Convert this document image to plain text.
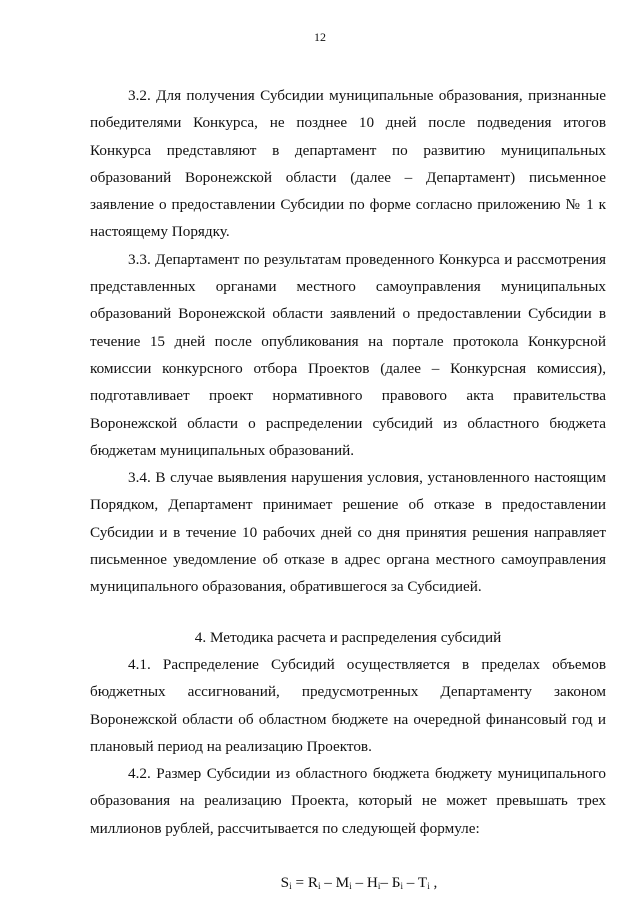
12

3.2. Для получения Субсидии муниципальные образования, признанные победителями Конкурса, не позднее 10 дней после подведения итогов Конкурса представляют в департамент по развитию муниципальных образований Воронежской области (далее – Департамент) письменное заявление о предоставлении Субсидии по форме согласно приложению № 1 к настоящему Порядку.

3.3. Департамент по результатам проведенного Конкурса и рассмотрения представленных органами местного самоуправления муниципальных образований Воронежской области заявлений о предоставлении Субсидии в течение 15 дней после опубликования на портале протокола Конкурсной комиссии конкурсного отбора Проектов (далее – Конкурсная комиссия), подготавливает проект нормативного правового акта правительства Воронежской области о распределении субсидий из областного бюджета бюджетам муниципальных образований.

3.4. В случае выявления нарушения условия, установленного настоящим Порядком, Департамент принимает решение об отказе в предоставлении Субсидии и в течение 10 рабочих дней со дня принятия решения направляет письменное уведомление об отказе в адрес органа местного самоуправления муниципального образования, обратившегося за Субсидией.

4. Методика расчета и распределения субсидий

4.1. Распределение Субсидий осуществляется в пределах объемов бюджетных ассигнований, предусмотренных Департаменту законом Воронежской области об областном бюджете на очередной финансовый год и плановый период на реализацию Проектов.

4.2. Размер Субсидии из областного бюджета бюджету муниципального образования на реализацию Проекта, который не может превышать трех миллионов рублей, рассчитывается по следующей формуле:

$S_i = R_i - M_i - H_i-$ $Б_i - T_i$ ,
